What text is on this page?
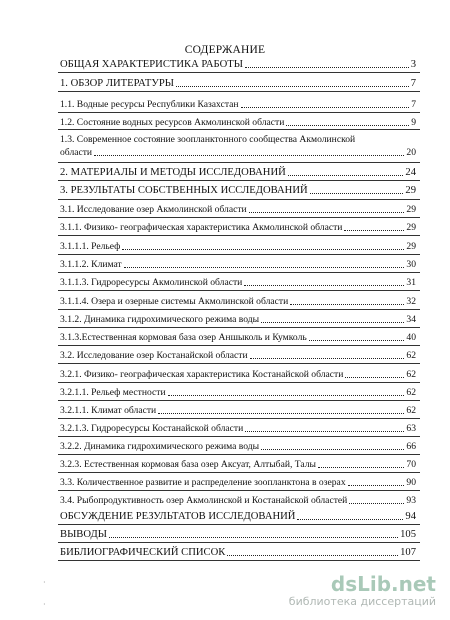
СОДЕРЖАНИЕ
ОБЩАЯ ХАРАКТЕРИСТИКА РАБОТЫ	3
1. ОБЗОР ЛИТЕРАТУРЫ	7
1.1. Водные ресурсы Республики Казахстан	7
1.2. Состояние водных ресурсов Акмолинской области	9
1.3. Современное состояние зоопланктонного сообщества Акмолинской
области	20
2. МАТЕРИАЛЫ И МЕТОДЫ ИССЛЕДОВАНИЙ	24
3. РЕЗУЛЬТАТЫ СОБСТВЕННЫХ ИССЛЕДОВАНИЙ	29
3.1. Исследование озер Акмолинской области	29
3.1.1. Физико- географическая характеристика Акмолинской области	29
3.1.1.1. Рельеф	29
3.1.1.2. Климат	30
3.1.1.3. Гидроресурсы Акмолинской области	31
3.1.1.4. Озера и озерные системы Акмолинской области	32
3.1.2. Динамика гидрохимического режима воды	34
3.1.3.Естественная кормовая база озер Аншыколь и Кумколь	40
3.2. Исследование озер Костанайской области	62
3.2.1. Физико- географическая характеристика Костанайской области	62
3.2.1.1. Рельеф местности	62
3.2.1.1. Климат области	62
3.2.1.3. Гидроресурсы Костанайской области	63
3.2.2. Динамика гидрохимического режима воды	66
3.2.3. Естественная кормовая база озер Аксуат, Алтыбай, Талы	70
3.3. Количественное развитие и распределение зоопланктона в озерах	90
3.4. Рыбопродуктивность озер Акмолинской и Костанайской областей	93
ОБСУЖДЕНИЕ РЕЗУЛЬТАТОВ ИССЛЕДОВАНИЙ	94
ВЫВОДЫ	105
БИБЛИОГРАФИЧЕСКИЙ СПИСОК	107
·
·
dsLib.net
библиотека диссертаций
